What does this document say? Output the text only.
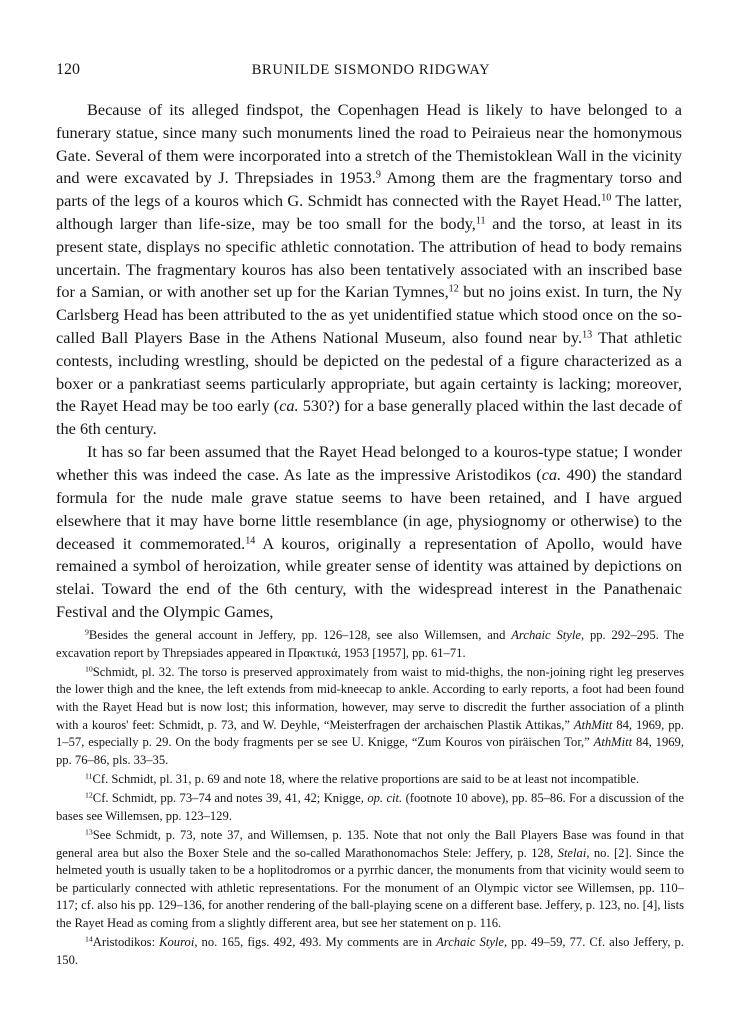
120	BRUNILDE SISMONDO RIDGWAY

Because of its alleged findspot, the Copenhagen Head is likely to have belonged to a funerary statue, since many such monuments lined the road to Peiraieus near the homonymous Gate. Several of them were incorporated into a stretch of the Themistoklean Wall in the vicinity and were excavated by J. Threpsiades in 1953.$^9$ Among them are the fragmentary torso and parts of the legs of a kouros which G. Schmidt has connected with the Rayet Head.$^{10}$ The latter, although larger than life-size, may be too small for the body,$^{11}$ and the torso, at least in its present state, displays no specific athletic connotation. The attribution of head to body remains uncertain. The fragmentary kouros has also been tentatively associated with an inscribed base for a Samian, or with another set up for the Karian Tymnes,$^{12}$ but no joins exist. In turn, the Ny Carlsberg Head has been attributed to the as yet unidentified statue which stood once on the so-called Ball Players Base in the Athens National Museum, also found near by.$^{13}$ That athletic contests, including wrestling, should be depicted on the pedestal of a figure characterized as a boxer or a pankratiast seems particularly appropriate, but again certainty is lacking; moreover, the Rayet Head may be too early (ca. 530?) for a base generally placed within the last decade of the 6th century.

It has so far been assumed that the Rayet Head belonged to a kouros-type statue; I wonder whether this was indeed the case. As late as the impressive Aristodikos (ca. 490) the standard formula for the nude male grave statue seems to have been retained, and I have argued elsewhere that it may have borne little resemblance (in age, physiognomy or otherwise) to the deceased it commemorated.$^{14}$ A kouros, originally a representation of Apollo, would have remained a symbol of heroization, while greater sense of identity was attained by depictions on stelai. Toward the end of the 6th century, with the widespread interest in the Panathenaic Festival and the Olympic Games,

$^9$Besides the general account in Jeffery, pp. 126–128, see also Willemsen, and Archaic Style, pp. 292–295. The excavation report by Threpsiades appeared in Πρακτικά, 1953 [1957], pp. 61–71.

$^{10}$Schmidt, pl. 32. The torso is preserved approximately from waist to mid-thighs, the non-joining right leg preserves the lower thigh and the knee, the left extends from mid-kneecap to ankle. According to early reports, a foot had been found with the Rayet Head but is now lost; this information, however, may serve to discredit the further association of a plinth with a kouros' feet: Schmidt, p. 73, and W. Deyhle, “Meisterfragen der archaischen Plastik Attikas,” AthMitt 84, 1969, pp. 1–57, especially p. 29. On the body fragments per se see U. Knigge, “Zum Kouros von piräischen Tor,” AthMitt 84, 1969, pp. 76–86, pls. 33–35.

$^{11}$Cf. Schmidt, pl. 31, p. 69 and note 18, where the relative proportions are said to be at least not incompatible.

$^{12}$Cf. Schmidt, pp. 73–74 and notes 39, 41, 42; Knigge, op. cit. (footnote 10 above), pp. 85–86. For a discussion of the bases see Willemsen, pp. 123–129.

$^{13}$See Schmidt, p. 73, note 37, and Willemsen, p. 135. Note that not only the Ball Players Base was found in that general area but also the Boxer Stele and the so-called Marathonomachos Stele: Jeffery, p. 128, Stelai, no. [2]. Since the helmeted youth is usually taken to be a hoplitodromos or a pyrrhic dancer, the monuments from that vicinity would seem to be particularly connected with athletic representations. For the monument of an Olympic victor see Willemsen, pp. 110–117; cf. also his pp. 129–136, for another rendering of the ball-playing scene on a different base. Jeffery, p. 123, no. [4], lists the Rayet Head as coming from a slightly different area, but see her statement on p. 116.

$^{14}$Aristodikos: Kouroi, no. 165, figs. 492, 493. My comments are in Archaic Style, pp. 49–59, 77. Cf. also Jeffery, p. 150.
